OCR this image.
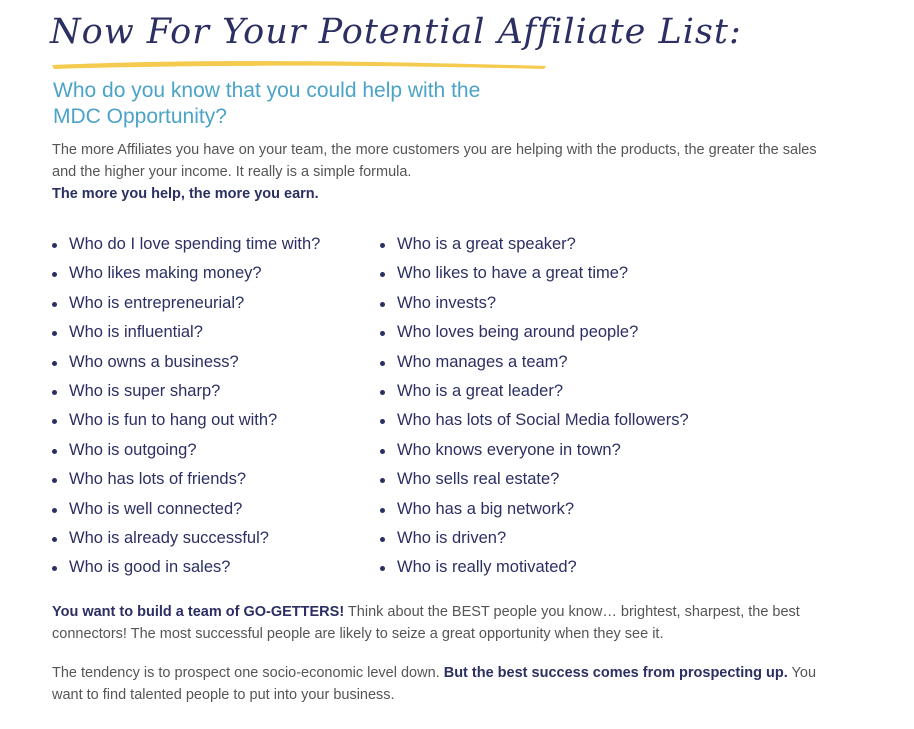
Now For Your Potential Affiliate List:
Who do you know that you could help with the
MDC Opportunity?
The more Affiliates you have on your team, the more customers you are helping with the products, the greater the sales and the higher your income. It really is a simple formula.
The more you help, the more you earn.
Who do I love spending time with?
Who likes making money?
Who is entrepreneurial?
Who is influential?
Who owns a business?
Who is super sharp?
Who is fun to hang out with?
Who is outgoing?
Who has lots of friends?
Who is well connected?
Who is already successful?
Who is good in sales?
Who is a great speaker?
Who likes to have a great time?
Who invests?
Who loves being around people?
Who manages a team?
Who is a great leader?
Who has lots of Social Media followers?
Who knows everyone in town?
Who sells real estate?
Who has a big network?
Who is driven?
Who is really motivated?
You want to build a team of GO-GETTERS! Think about the BEST people you know… brightest, sharpest, the best connectors! The most successful people are likely to seize a great opportunity when they see it.
The tendency is to prospect one socio-economic level down. But the best success comes from prospecting up. You want to find talented people to put into your business.
